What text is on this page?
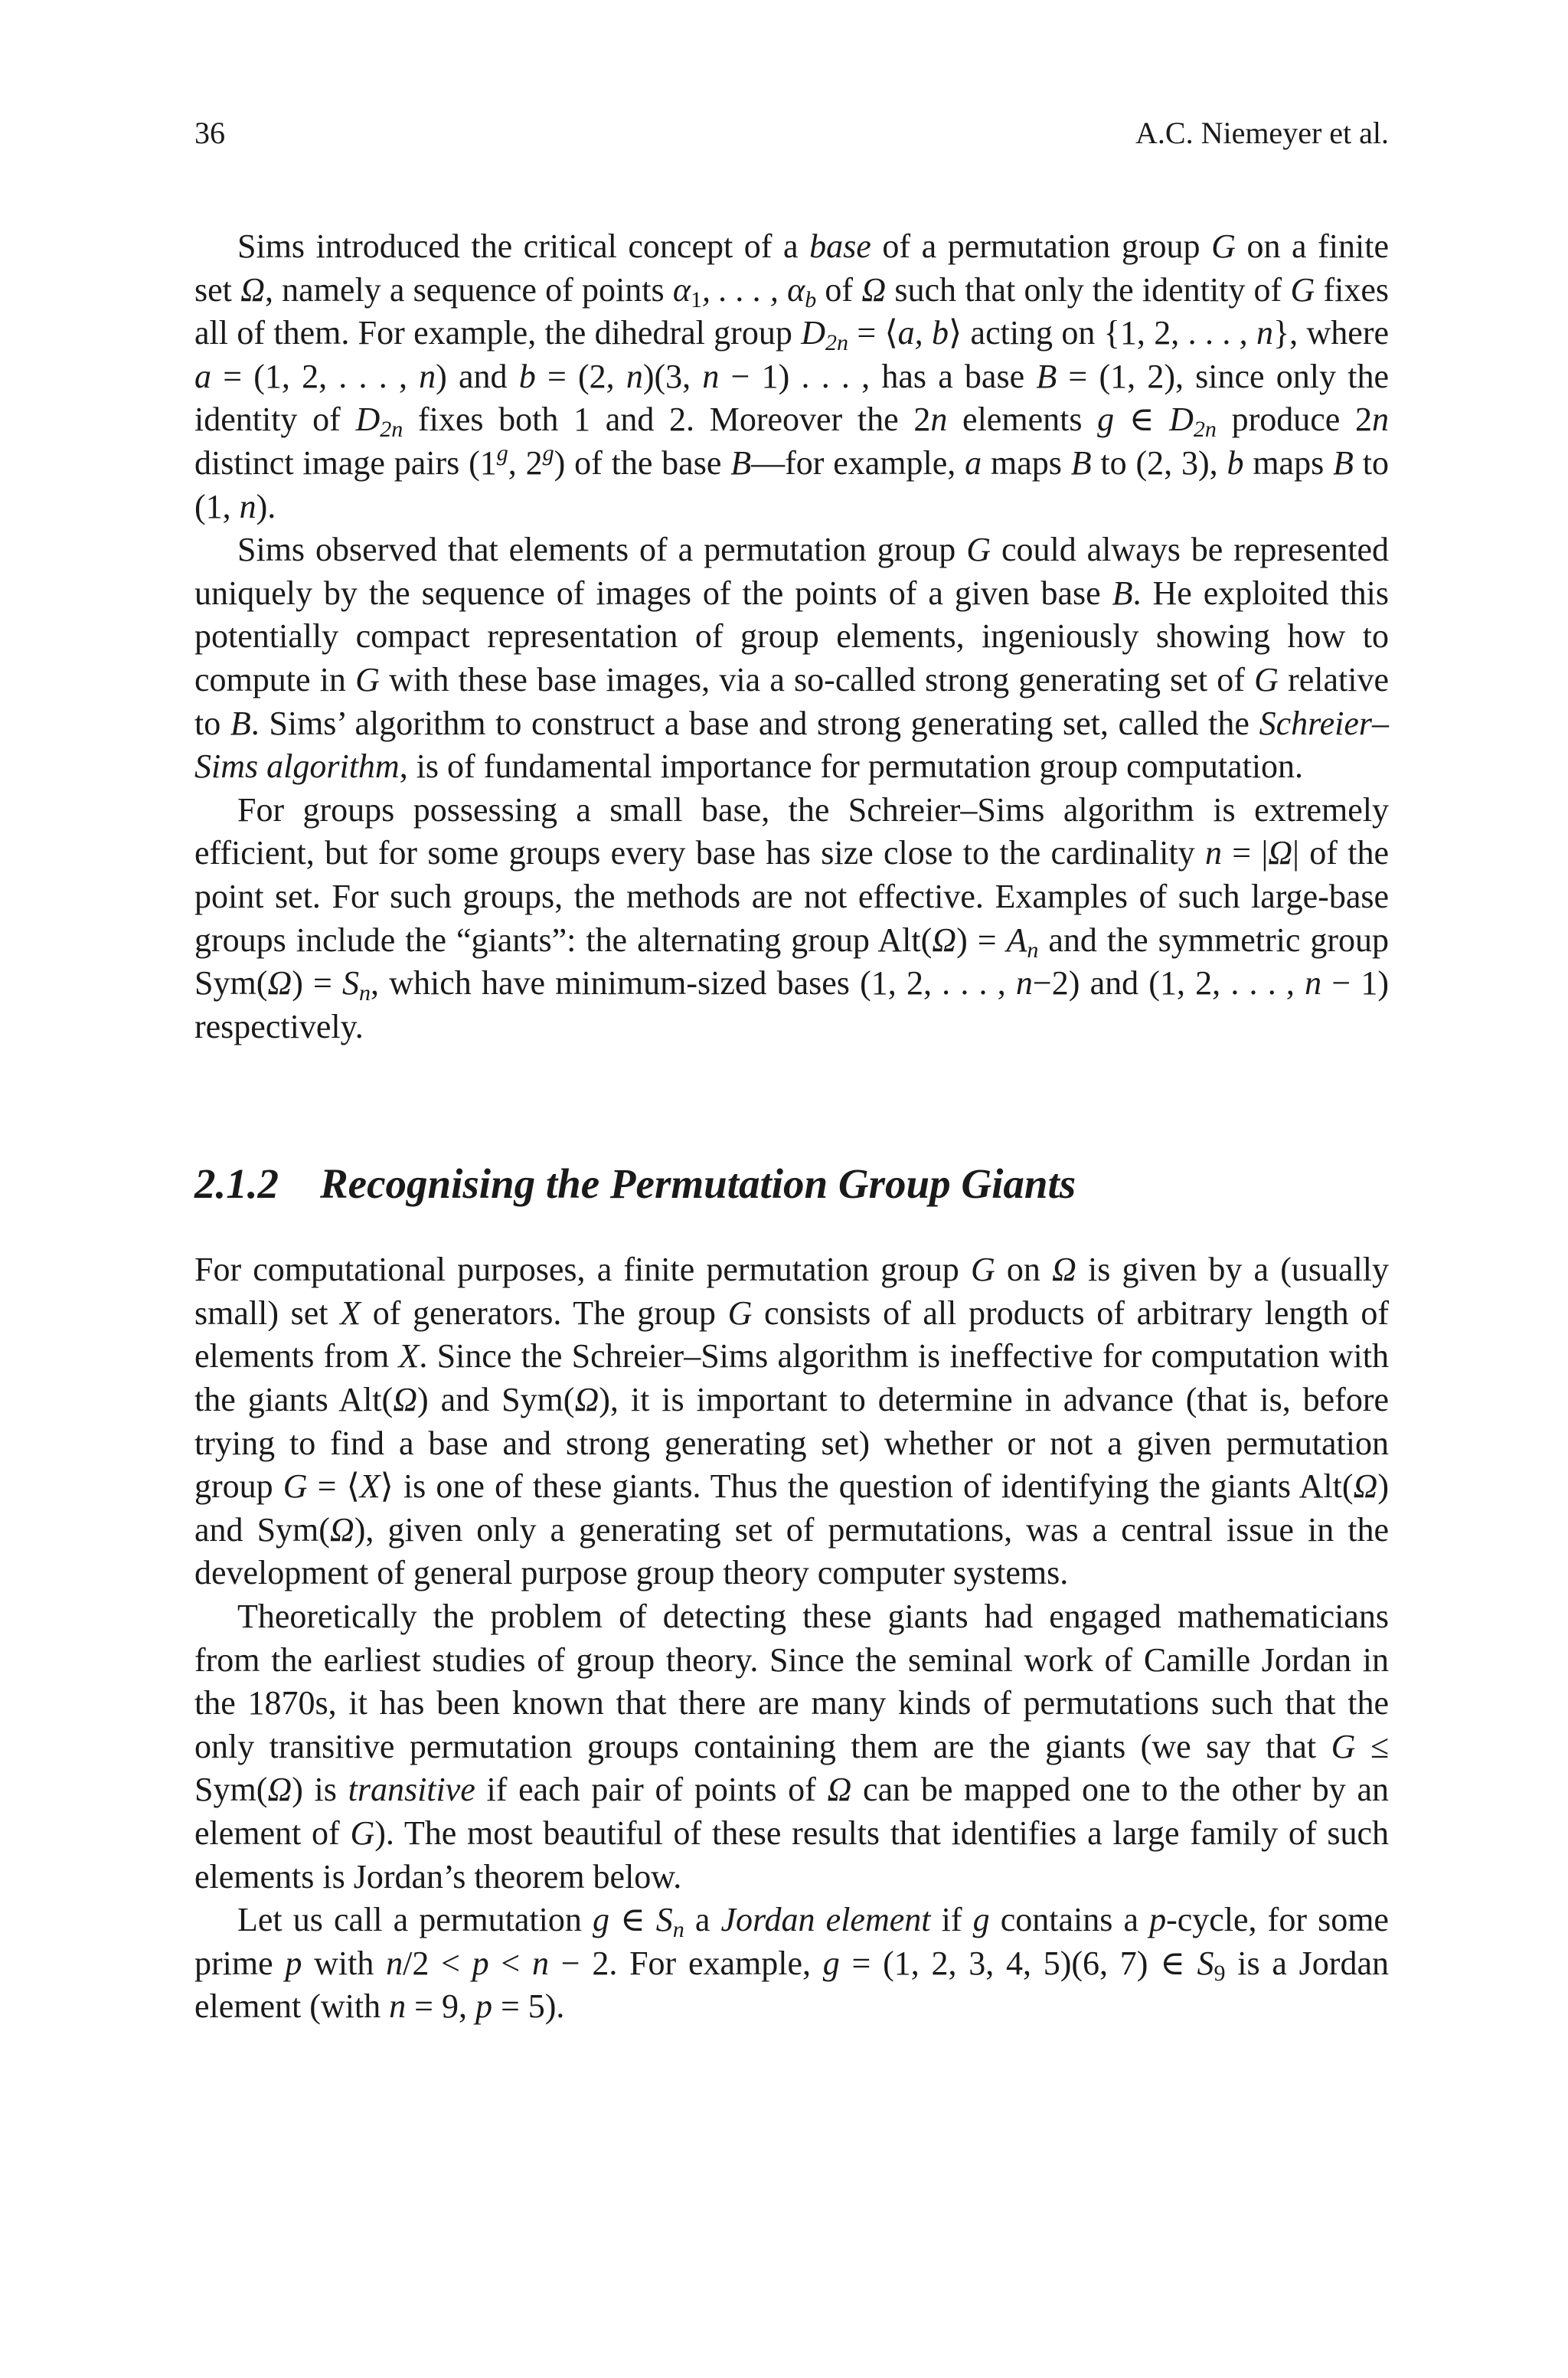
36	A.C. Niemeyer et al.

Sims introduced the critical concept of a base of a permutation group G on a finite set Ω, namely a sequence of points $\alpha_1$, . . . , $\alpha_b$ of Ω such that only the identity of G fixes all of them. For example, the dihedral group $D_{2n}$ = ⟨a, b⟩ acting on {1, 2, . . . , n}, where a = (1, 2, . . . , n) and b = (2, n)(3, n − 1) . . . , has a base B = (1, 2), since only the identity of $D_{2n}$ fixes both 1 and 2. Moreover the 2n elements g ∈ $D_{2n}$ produce 2n distinct image pairs (1$^g$, 2$^g$) of the base B—for example, a maps B to (2, 3), b maps B to (1, n).

Sims observed that elements of a permutation group G could always be represented uniquely by the sequence of images of the points of a given base B. He exploited this potentially compact representation of group elements, ingeniously showing how to compute in G with these base images, via a so-called strong generating set of G relative to B. Sims’ algorithm to construct a base and strong generating set, called the Schreier–Sims algorithm, is of fundamental importance for permutation group computation.

For groups possessing a small base, the Schreier–Sims algorithm is extremely efficient, but for some groups every base has size close to the cardinality n = |Ω| of the point set. For such groups, the methods are not effective. Examples of such large-base groups include the “giants”: the alternating group $Alt(\Omega) = A_n$ and the symmetric group $Sym(\Omega) = S_n$, which have minimum-sized bases (1, 2, . . . , n−2) and (1, 2, . . . , n − 1) respectively.

2.1.2 Recognising the Permutation Group Giants

For computational purposes, a finite permutation group G on Ω is given by a (usually small) set X of generators. The group G consists of all products of arbitrary length of elements from X. Since the Schreier–Sims algorithm is ineffective for computation with the giants Alt(Ω) and Sym(Ω), it is important to determine in advance (that is, before trying to find a base and strong generating set) whether or not a given permutation group G = ⟨X⟩ is one of these giants. Thus the question of identifying the giants Alt(Ω) and Sym(Ω), given only a generating set of permutations, was a central issue in the development of general purpose group theory computer systems.

Theoretically the problem of detecting these giants had engaged mathematicians from the earliest studies of group theory. Since the seminal work of Camille Jordan in the 1870s, it has been known that there are many kinds of permutations such that the only transitive permutation groups containing them are the giants (we say that G ≤ Sym(Ω) is transitive if each pair of points of Ω can be mapped one to the other by an element of G). The most beautiful of these results that identifies a large family of such elements is Jordan’s theorem below.

Let us call a permutation g ∈ $S_n$ a Jordan element if g contains a p-cycle, for some prime p with n/2 < p < n − 2. For example, g = (1, 2, 3, 4, 5)(6, 7) ∈ $S_9$ is a Jordan element (with n = 9, p = 5).
